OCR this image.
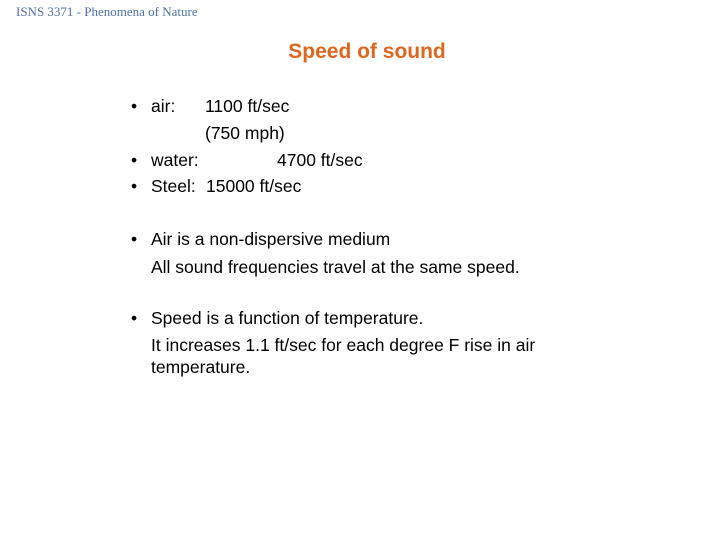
ISNS 3371 - Phenomena of Nature
Speed of sound
• air: 1100 ft/sec
(750 mph)
• water:	4700 ft/sec
• Steel: 15000 ft/sec
• Air is a non-dispersive medium
All sound frequencies travel at the same speed.
• Speed is a function of temperature.
It increases 1.1 ft/sec for each degree F rise in air
temperature.
